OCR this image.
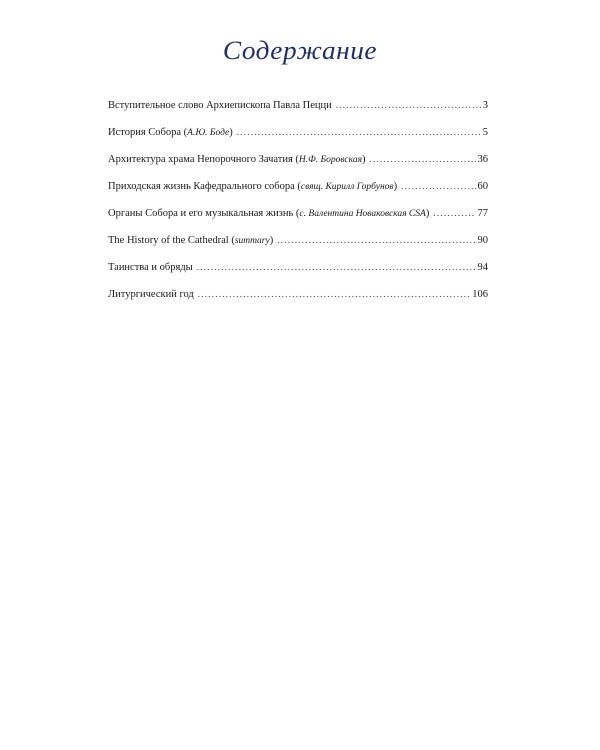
Содержание
Вступительное слово Архиепископа Павла Пецци . . .	3
История Собора (А.Ю. Боде) . . .	5
Архитектура храма Непорочного Зачатия (Н.Ф. Боровская) . . .	36
Приходская жизнь Кафедрального собора (свящ. Кирилл Горбунов) . . .	60
Органы Собора и его музыкальная жизнь (с. Валентина Новаковская CSA) . . .	77
The History of the Cathedral (summary) . . .	90
Таинства и обряды . . .	94
Литургический год . . .	106
